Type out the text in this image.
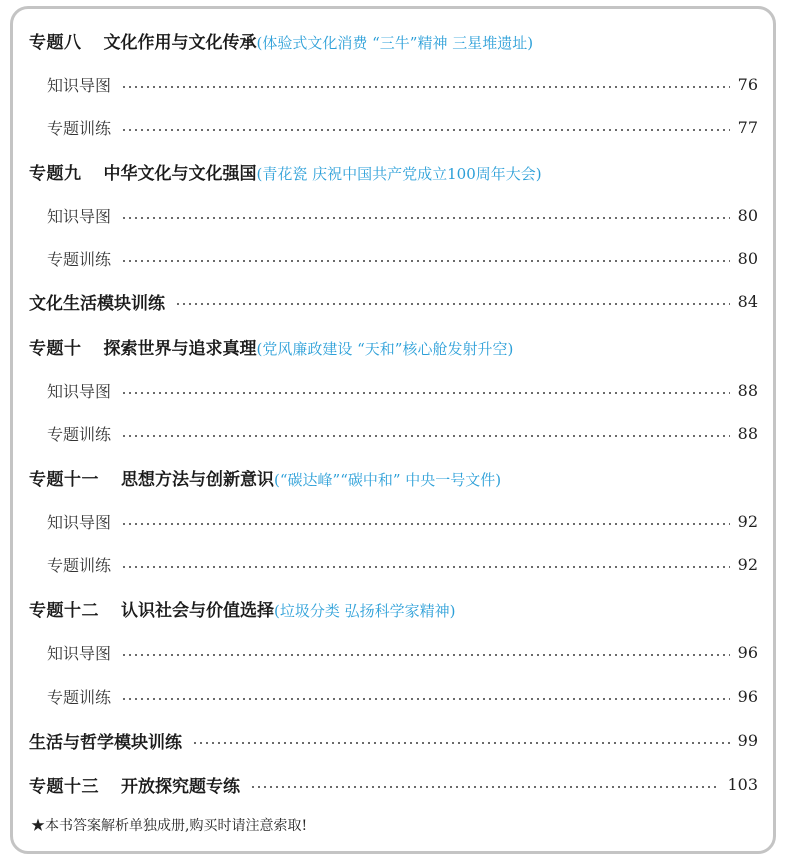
专题八 文化作用与文化传承(体验式文化消费 “三牛”精神 三星堆遗址)
知识导图	76
专题训练	77
专题九 中华文化与文化强国(青花瓷 庆祝中国共产党成立100周年大会)
知识导图	80
专题训练	80
文化生活模块训练	84
专题十 探索世界与追求真理(党风廉政建设 “天和”核心舱发射升空)
知识导图	88
专题训练	88
专题十一 思想方法与创新意识(“碳达峰”“碳中和” 中央一号文件)
知识导图	92
专题训练	92
专题十二 认识社会与价值选择(垃圾分类 弘扬科学家精神)
知识导图	96
专题训练	96
生活与哲学模块训练	99
专题十三 开放探究题专练	103
★本书答案解析单独成册,购买时请注意索取!
